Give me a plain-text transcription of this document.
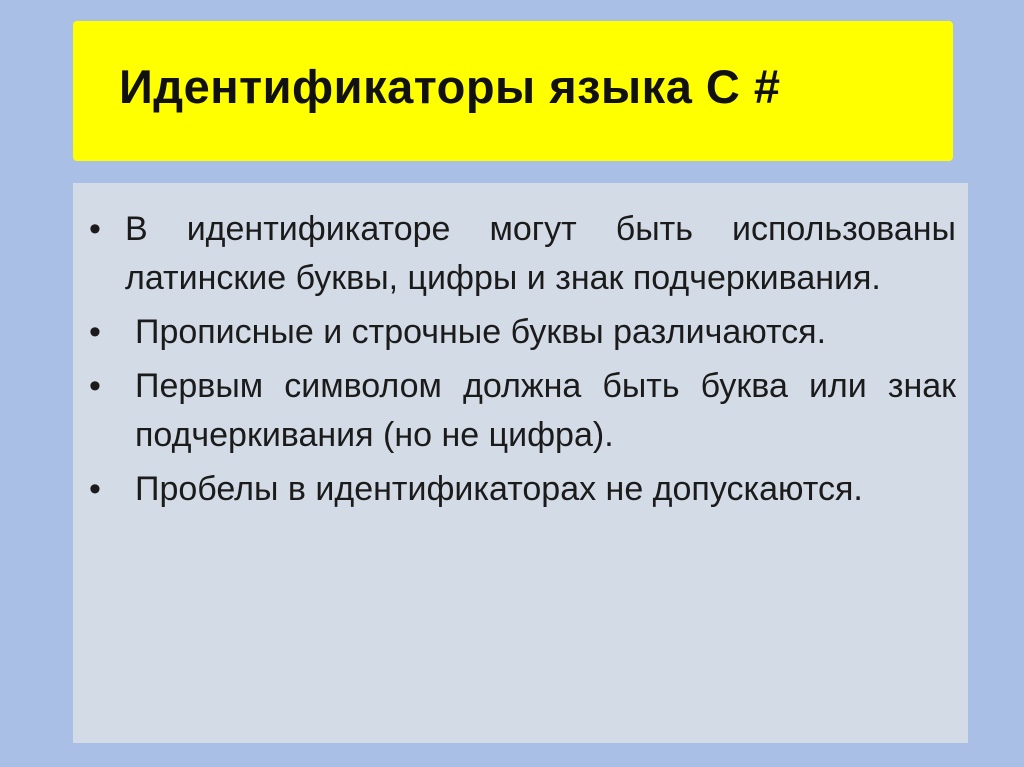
Идентификаторы языка С #
• В идентификаторе могут быть использованы латинские буквы, цифры и знак подчеркивания.
• Прописные и строчные буквы различаются.
• Первым символом должна быть буква или знак подчеркивания (но не цифра).
• Пробелы в идентификаторах не допускаются.
